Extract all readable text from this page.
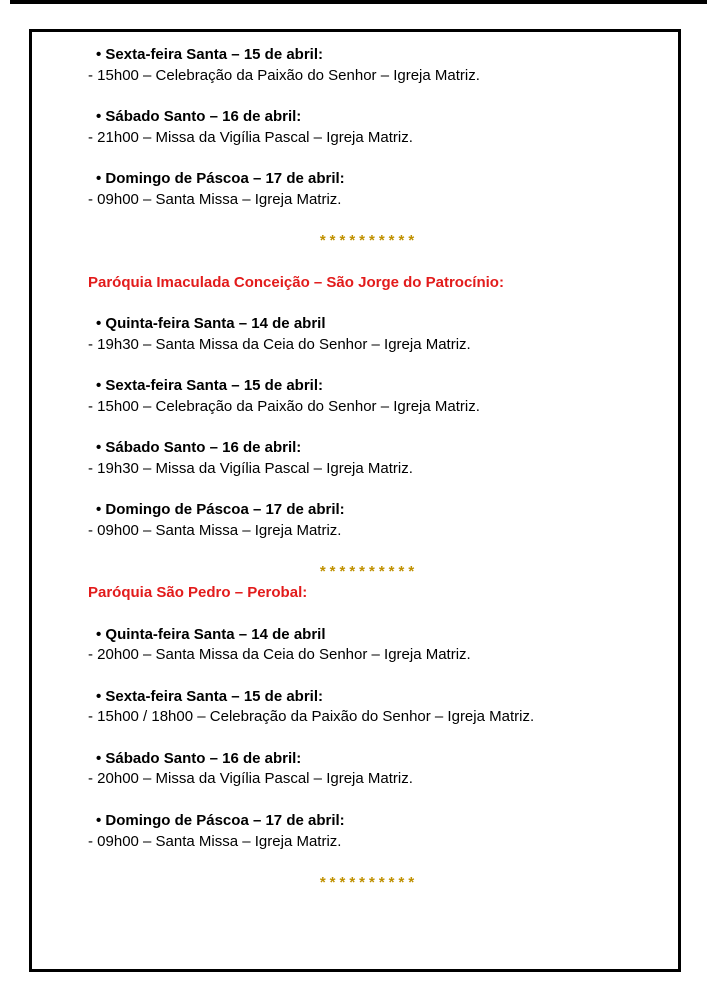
• Sexta-feira Santa – 15 de abril:

- 15h00 – Celebração da Paixão do Senhor – Igreja Matriz.

• Sábado Santo – 16 de abril:

- 21h00 – Missa da Vigília Pascal – Igreja Matriz.

• Domingo de Páscoa – 17 de abril:

- 09h00 – Santa Missa – Igreja Matriz.

**********

Paróquia Imaculada Conceição – São Jorge do Patrocínio:

• Quinta-feira Santa – 14 de abril

- 19h30 – Santa Missa da Ceia do Senhor – Igreja Matriz.

• Sexta-feira Santa – 15 de abril:

- 15h00 – Celebração da Paixão do Senhor – Igreja Matriz.

• Sábado Santo – 16 de abril:

- 19h30 – Missa da Vigília Pascal – Igreja Matriz.

• Domingo de Páscoa – 17 de abril:

- 09h00 – Santa Missa – Igreja Matriz.

**********

Paróquia São Pedro – Perobal:

• Quinta-feira Santa – 14 de abril

- 20h00 – Santa Missa da Ceia do Senhor – Igreja Matriz.

• Sexta-feira Santa – 15 de abril:

- 15h00 / 18h00 – Celebração da Paixão do Senhor – Igreja Matriz.

• Sábado Santo – 16 de abril:

- 20h00 – Missa da Vigília Pascal – Igreja Matriz.

• Domingo de Páscoa – 17 de abril:

- 09h00 – Santa Missa – Igreja Matriz.

**********
